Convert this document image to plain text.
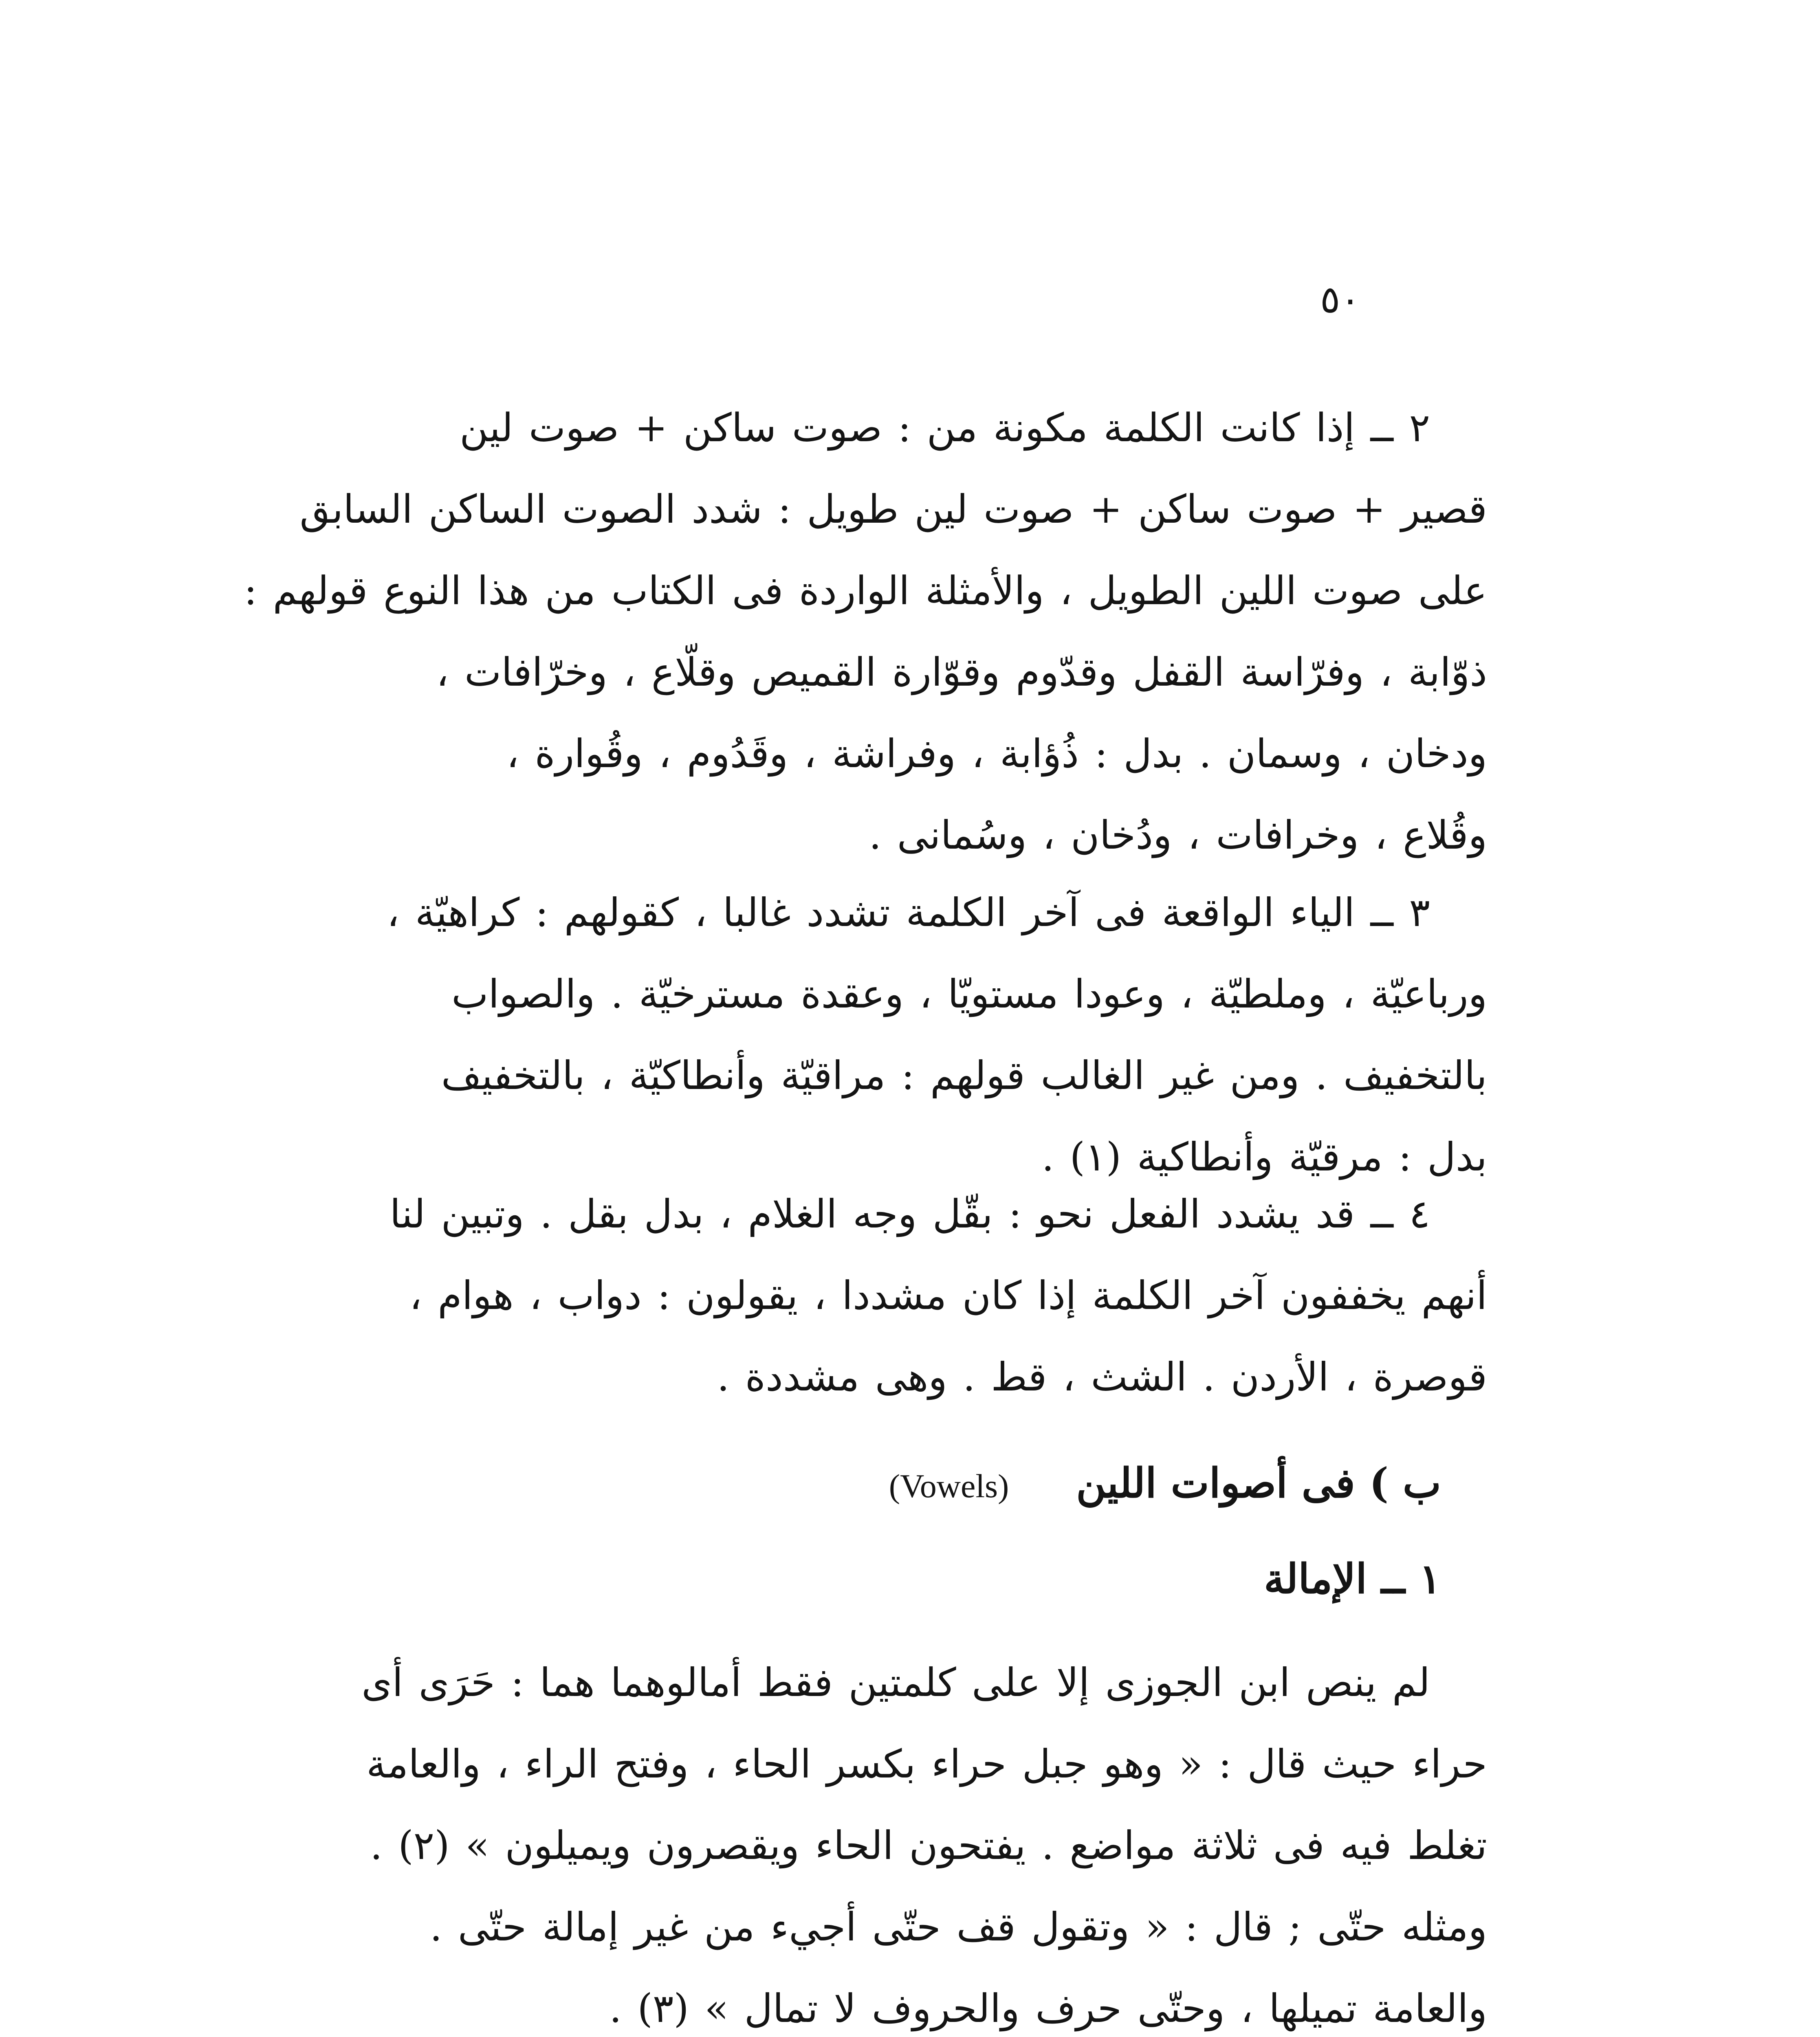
٥٠
٢ ــ إذا كانت الكلمة مكونة من : صوت ساكن + صوت لين
قصير + صوت ساكن + صوت لين طويل : شدد الصوت الساكن السابق
على صوت اللين الطويل ، والأمثلة الواردة فى الكتاب من هذا النوع قولهم :
ذوّابة ، وفرّاسة القفل وقدّوم وقوّارة القميص وقلّاع ، وخرّافات ،
ودخان ، وسمان . بدل : ذُؤابة ، وفراشة ، وقَدُوم ، وقُوارة ،
وقُلاع ، وخرافات ، ودُخان ، وسُمانى .
٣ ــ الياء الواقعة فى آخر الكلمة تشدد غالبا ، كقولهم : كراهيّة ،
ورباعيّة ، وملطيّة ، وعودا مستويّا ، وعقدة مسترخيّة . والصواب
بالتخفيف . ومن غير الغالب قولهم : مراقيّة وأنطاكيّة ، بالتخفيف
بدل : مرقيّة وأنطاكية (١) .
٤ ــ قد يشدد الفعل نحو : بقّل وجه الغلام ، بدل بقل . وتبين لنا
أنهم يخففون آخر الكلمة إذا كان مشددا ، يقولون : دواب ، هوام ،
قوصرة ، الأردن . الشث ، قط . وهى مشددة .
ب ) فى أصوات اللين (Vowels)
١ ــ الإمالة
لم ينص ابن الجوزى إلا على كلمتين فقط أمالوهما هما : حَرَى أى
حراء حيث قال : « وهو جبل حراء بكسر الحاء ، وفتح الراء ، والعامة
تغلط فيه فى ثلاثة مواضع . يفتحون الحاء ويقصرون ويميلون » (٢) .
ومثله حتّى ; قال : « وتقول قف حتّى أجيء من غير إمالة حتّى .
والعامة تميلها ، وحتّى حرف والحروف لا تمال » (٣) .
